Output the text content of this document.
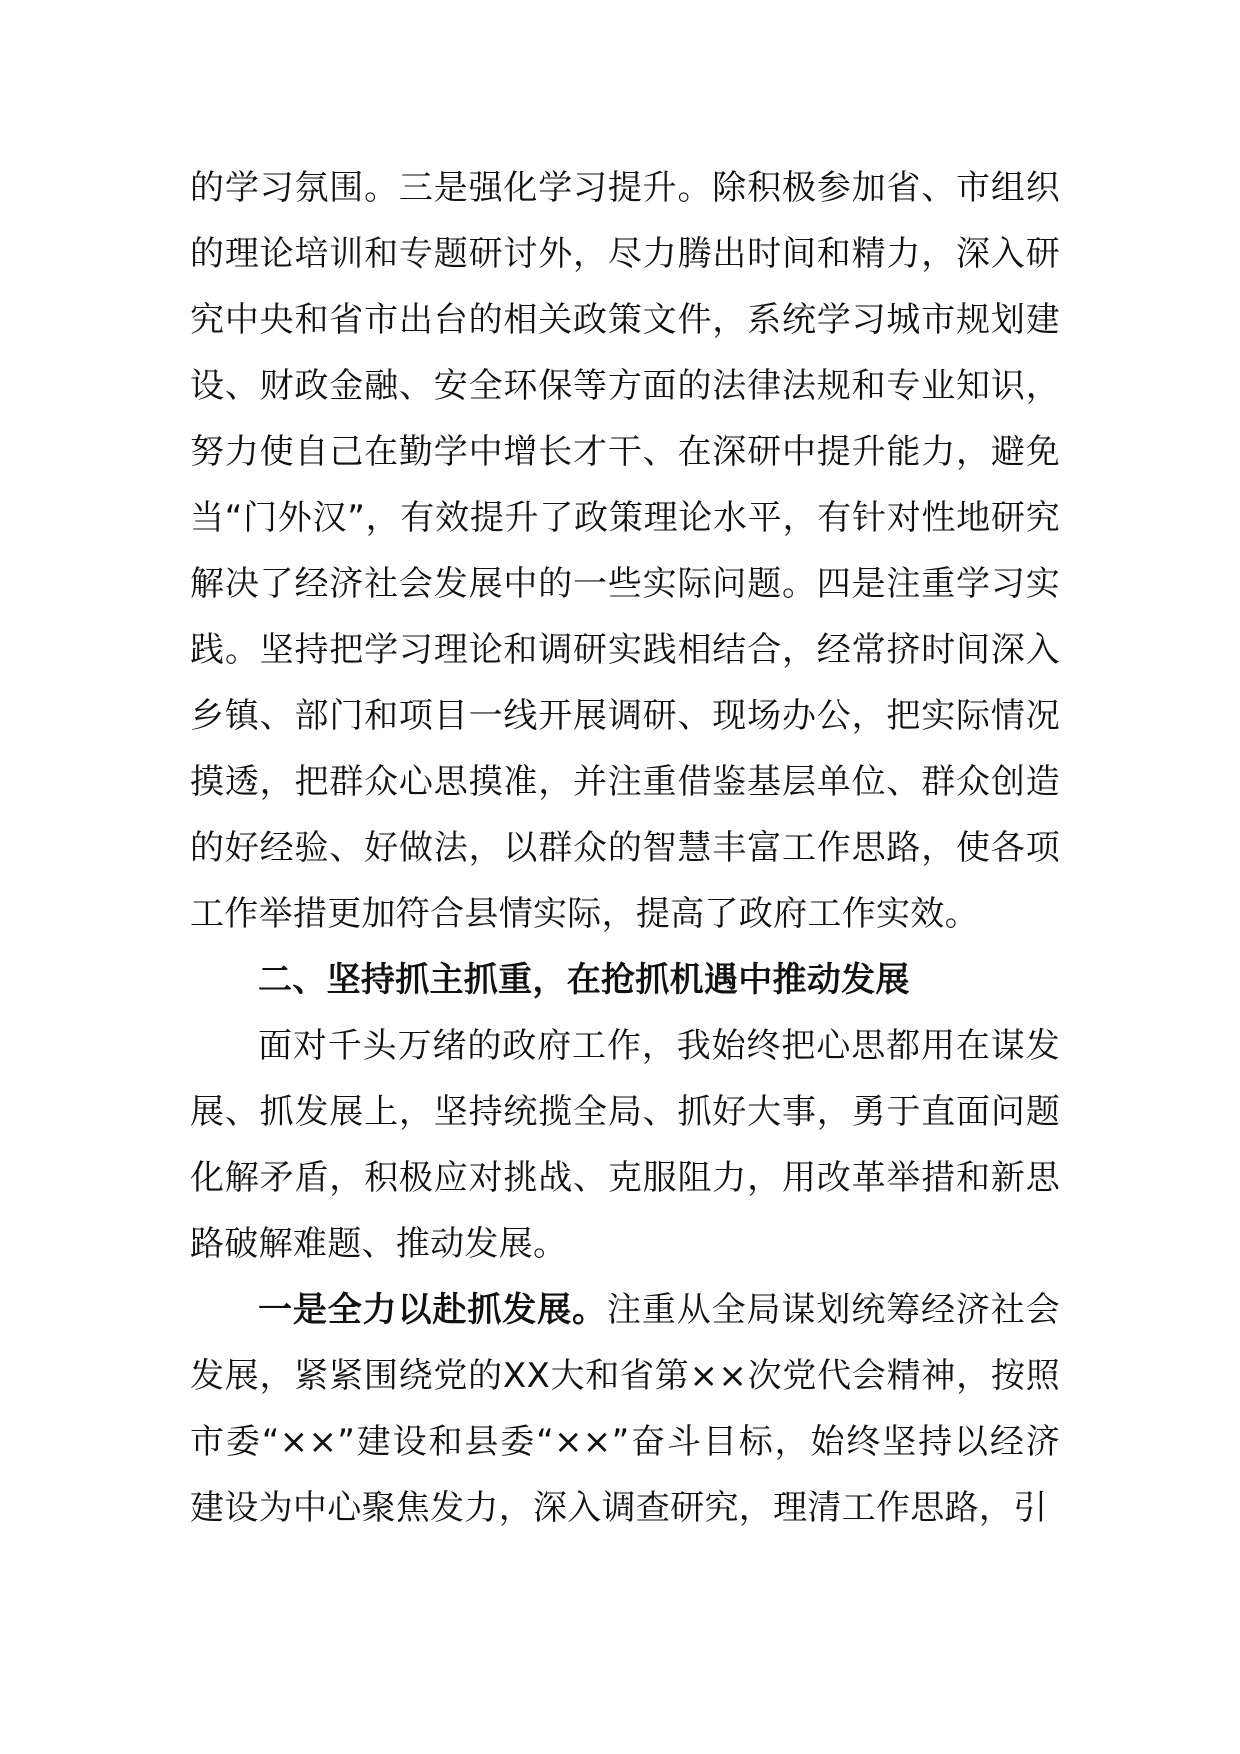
的学习氛围。三是强化学习提升。除积极参加省、市组织的理论培训和专题研讨外，尽力腾出时间和精力，深入研究中央和省市出台的相关政策文件，系统学习城市规划建设、财政金融、安全环保等方面的法律法规和专业知识，努力使自己在勤学中增长才干、在深研中提升能力，避免当“门外汉”，有效提升了政策理论水平，有针对性地研究解决了经济社会发展中的一些实际问题。四是注重学习实践。坚持把学习理论和调研实践相结合，经常挤时间深入乡镇、部门和项目一线开展调研、现场办公，把实际情况摸透，把群众心思摸准，并注重借鉴基层单位、群众创造的好经验、好做法，以群众的智慧丰富工作思路，使各项工作举措更加符合县情实际，提高了政府工作实效。

二、坚持抓主抓重，在抢抓机遇中推动发展

面对千头万绪的政府工作，我始终把心思都用在谋发展、抓发展上，坚持统揽全局、抓好大事，勇于直面问题化解矛盾，积极应对挑战、克服阻力，用改革举措和新思路破解难题、推动发展。

一是全力以赴抓发展。注重从全局谋划统筹经济社会发展，紧紧围绕党的XX大和省第××次党代会精神，按照市委“××”建设和县委“××”奋斗目标，始终坚持以经济建设为中心聚焦发力，深入调查研究，理清工作思路，引
